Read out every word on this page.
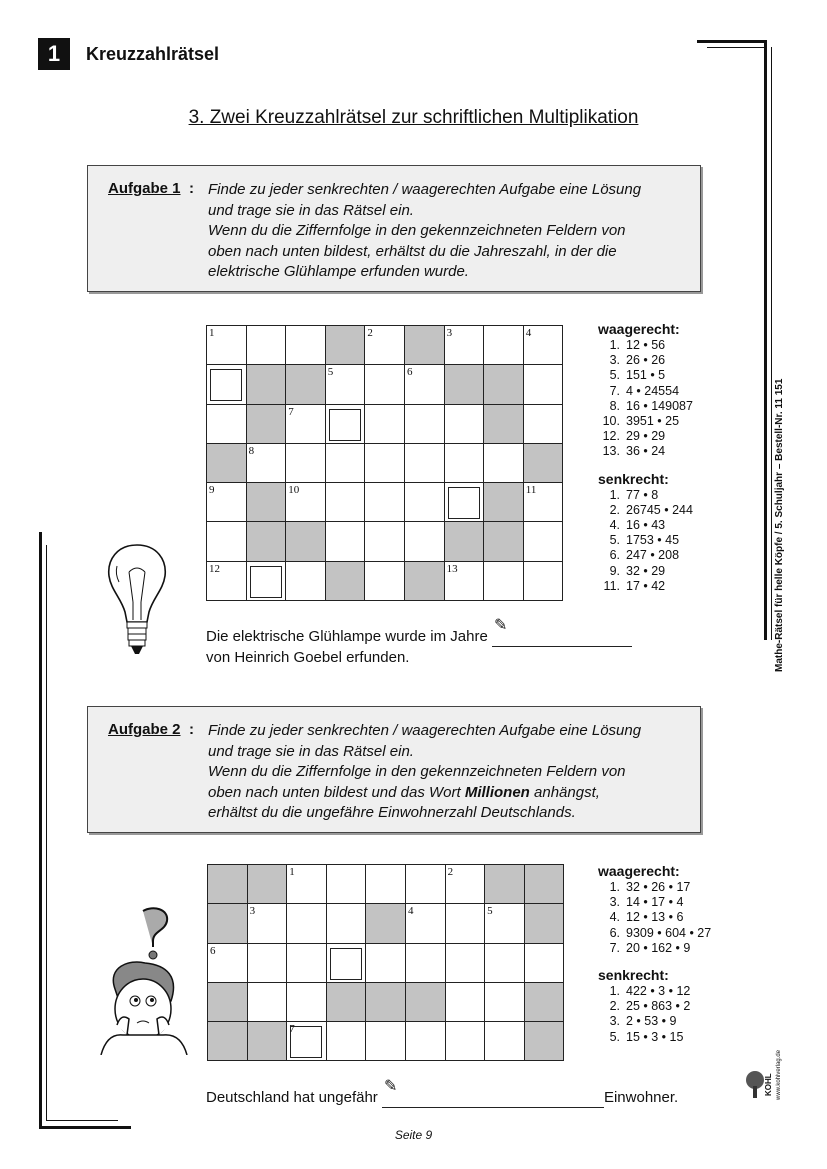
1	Kreuzzahlrätsel
3. Zwei Kreuzzahlrätsel zur schriftlichen Multiplikation
Aufgabe 1 : Finde zu jeder senkrechten / waagerechten Aufgabe eine Lösung
und trage sie in das Rätsel ein.
Wenn du die Ziffernfolge in den gekennzeichneten Feldern von
oben nach unten bildest, erhältst du die Jahreszahl, in der die
elektrische Glühlampe erfunden wurde.
1				2		3		4

			5		6			

		7						

	8							

9		10						11

12						13		

waagerecht:
1. 12 • 56
3. 26 • 26
5. 151 • 5
7. 4 • 24554
8. 16 • 149087
10. 3951 • 25
12. 29 • 29
13. 36 • 24
senkrecht:
1. 77 • 8
2. 26745 • 244
4. 16 • 43
5. 1753 • 45
6. 247 • 208
9. 32 • 29
11. 17 • 42
Die elektrische Glühlampe wurde im Jahre
✎
von Heinrich Goebel erfunden.
Aufgabe 2 : Finde zu jeder senkrechten / waagerechten Aufgabe eine Lösung
und trage sie in das Rätsel ein.
Wenn du die Ziffernfolge in den gekennzeichneten Feldern von
oben nach unten bildest und das Wort Millionen anhängst,
erhältst du die ungefähre Einwohnerzahl Deutschlands.

		1				2		

	3				4		5	

6								

		7						

waagerecht:
1. 32 • 26 • 17
3. 14 • 17 • 4
4. 12 • 13 • 6
6. 9309 • 604 • 27
7. 20 • 162 • 9
senkrecht:
1. 422 • 3 • 12
2. 25 • 863 • 2
3. 2 • 53 • 9
5. 15 • 3 • 15
Deutschland hat ungefähr
✎
Einwohner.
Mathe-Rätsel für helle Köpfe / 5. Schuljahr – Bestell-Nr. 11 151
KOHL www.kohlverlag.de
Seite 9
